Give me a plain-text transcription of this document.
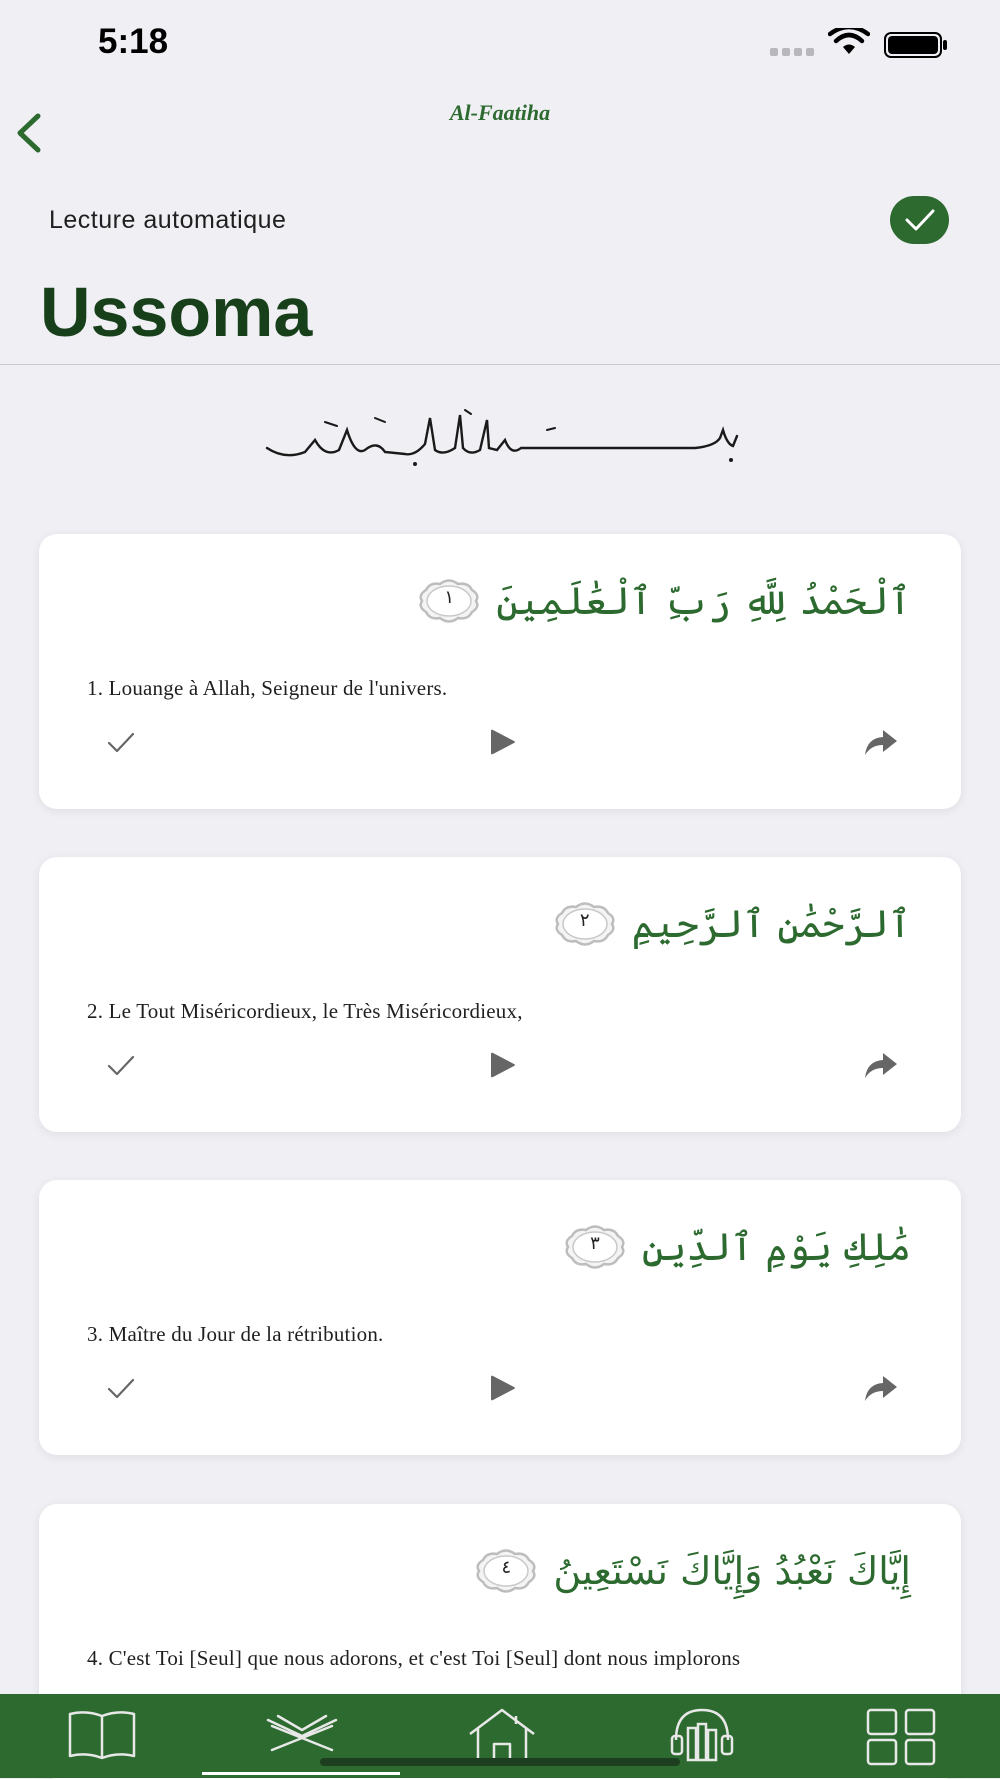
5:18
Al-Faatiha
Lecture automatique
Ussoma
ٱلْحَمْدُ لِلَّهِ رَبِّ ٱلْعَٰلَمِينَ
١
1. Louange à Allah, Seigneur de l'univers.
ٱلرَّحْمَٰنِ ٱلرَّحِيمِ
٢
2. Le Tout Miséricordieux, le Très Miséricordieux,
مَٰلِكِ يَوْمِ ٱلدِّينِ
٣
3. Maître du Jour de la rétribution.
إِيَّاكَ نَعْبُدُ وَإِيَّاكَ نَسْتَعِينُ
٤
4. C'est Toi [Seul] que nous adorons, et c'est Toi [Seul] dont nous implorons
